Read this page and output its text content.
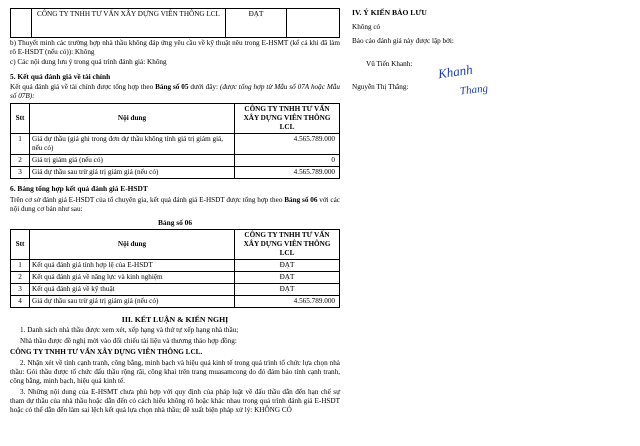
	CÔNG TY TNHH TƯ VẤN XÂY DỰNG VIÊN THÔNG LCL	ĐẠT	

b) Thuyết minh các trường hợp nhà thầu không đáp ứng yêu cầu về kỹ thuật nêu trong E-HSMT (kể cả khi đã làm rõ E-HSDT (nếu có)): Không

c) Các nội dung lưu ý trong quá trình đánh giá: Không

5. Kết quả đánh giá về tài chính

Kết quả đánh giá về tài chính được tổng hợp theo Bảng số 05 dưới đây: (được tổng hợp từ Mẫu số 07A hoặc Mẫu số 07B):

Stt	Nội dung	CÔNG TY TNHH TƯ VẤN XÂY DỰNG VIÊN THÔNG LCL
1	Giá dự thầu (giá ghi trong đơn dự thầu không tính giá trị giảm giá, nếu có)	4.565.789.000
2	Giá trị giảm giá (nếu có)	0
3	Giá dự thầu sau trừ giá trị giảm giá (nếu có)	4.565.789.000
6. Bảng tổng hợp kết quả đánh giá E-HSDT

Trên cơ sở đánh giá E-HSDT của tổ chuyên gia, kết quả đánh giá E-HSDT được tổng hợp theo Bảng số 06 với các nội dung cơ bản như sau:

Bảng số 06
Stt	Nội dung	CÔNG TY TNHH TƯ VẤN XÂY DỰNG VIÊN THÔNG LCL
1	Kết quả đánh giá tính hợp lệ của E-HSDT	ĐẠT
2	Kết quả đánh giá về năng lực và kinh nghiệm	ĐẠT
3	Kết quả đánh giá về kỹ thuật	ĐẠT
4	Giá dự thầu sau trừ giá trị giảm giá (nếu có)	4.565.789.000
III. KẾT LUẬN & KIẾN NGHỊ

1. Danh sách nhà thầu được xem xét, xếp hạng và thứ tự xếp hạng nhà thầu;

Nhà thầu được đề nghị mời vào đối chiếu tài liệu và thương thảo hợp đồng:

CÔNG TY TNHH TƯ VẤN XÂY DỰNG VIÊN THÔNG LCL.

2. Nhận xét về tính cạnh tranh, công bằng, minh bạch và hiệu quả kinh tế trong quá trình tổ chức lựa chọn nhà thầu: Gói thầu được tổ chức đấu thầu rộng rãi, công khai trên trang muasamcong do đó đảm bảo tính cạnh tranh, công bằng, minh bạch, hiệu quả kinh tế.

3. Những nội dung của E-HSMT chưa phù hợp với quy định của pháp luật về đấu thầu dẫn đến hạn chế sự tham dự thầu của nhà thầu hoặc dẫn đến có cách hiểu không rõ hoặc khác nhau trong quá trình đánh giá E-HSDT hoặc có thể dẫn đến làm sai lệch kết quả lựa chọn nhà thầu; đề xuất biện pháp xử lý: KHÔNG CÓ

IV. Ý KIẾN BẢO LƯU
Không có
Báo cáo đánh giá này được lập bởi:
Vũ Tiến Khanh:
Nguyễn Thị Thắng:
Khanh
Thang
